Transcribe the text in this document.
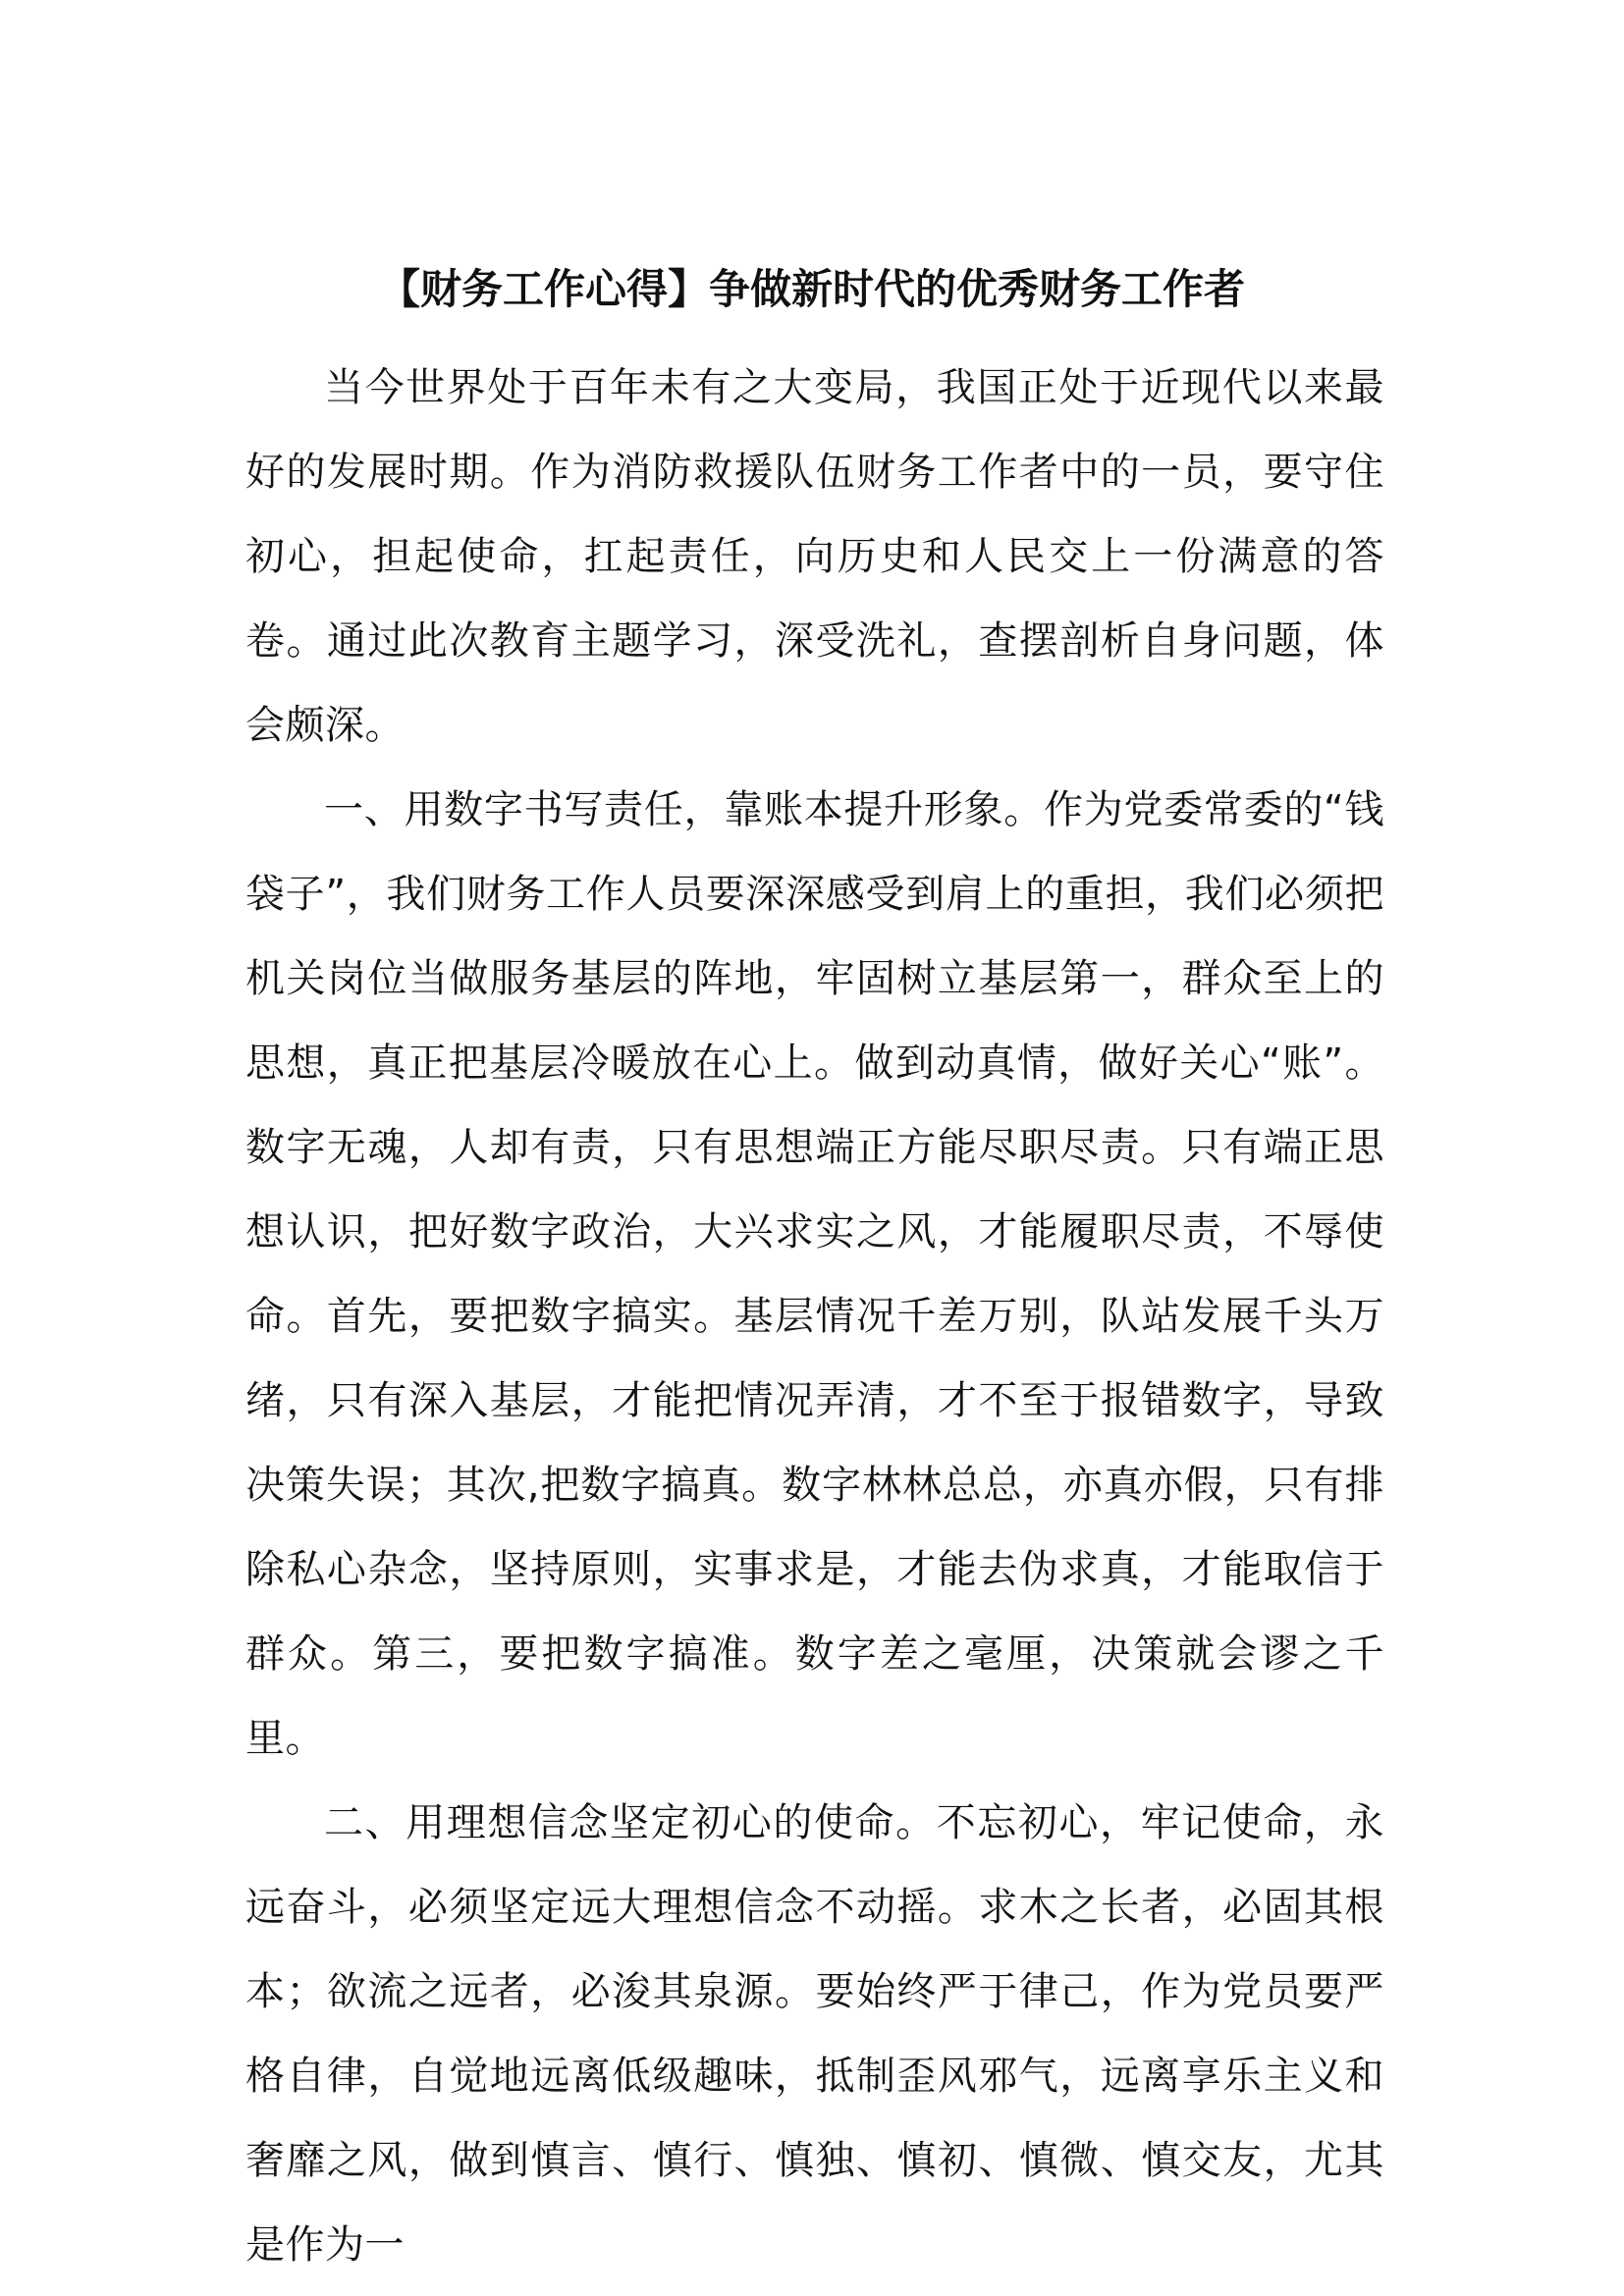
【财务工作心得】争做新时代的优秀财务工作者

当今世界处于百年未有之大变局，我国正处于近现代以来最好的发展时期。作为消防救援队伍财务工作者中的一员，要守住初心，担起使命，扛起责任，向历史和人民交上一份满意的答卷。通过此次教育主题学习，深受洗礼，查摆剖析自身问题，体会颇深。

一、用数字书写责任，靠账本提升形象。作为党委常委的“钱袋子”，我们财务工作人员要深深感受到肩上的重担，我们必须把机关岗位当做服务基层的阵地，牢固树立基层第一，群众至上的思想，真正把基层冷暖放在心上。做到动真情，做好关心“账”。数字无魂，人却有责，只有思想端正方能尽职尽责。只有端正思想认识，把好数字政治，大兴求实之风，才能履职尽责，不辱使命。首先，要把数字搞实。基层情况千差万别，队站发展千头万绪，只有深入基层，才能把情况弄清，才不至于报错数字，导致决策失误；其次,把数字搞真。数字林林总总，亦真亦假，只有排除私心杂念，坚持原则，实事求是，才能去伪求真，才能取信于群众。第三，要把数字搞准。数字差之毫厘，决策就会谬之千里。

二、用理想信念坚定初心的使命。不忘初心，牢记使命，永远奋斗，必须坚定远大理想信念不动摇。求木之长者，必固其根本；欲流之远者，必浚其泉源。要始终严于律己，作为党员要严格自律，自觉地远离低级趣味，抵制歪风邪气，远离享乐主义和奢靡之风，做到慎言、慎行、慎独、慎初、慎微、慎交友，尤其是作为一
